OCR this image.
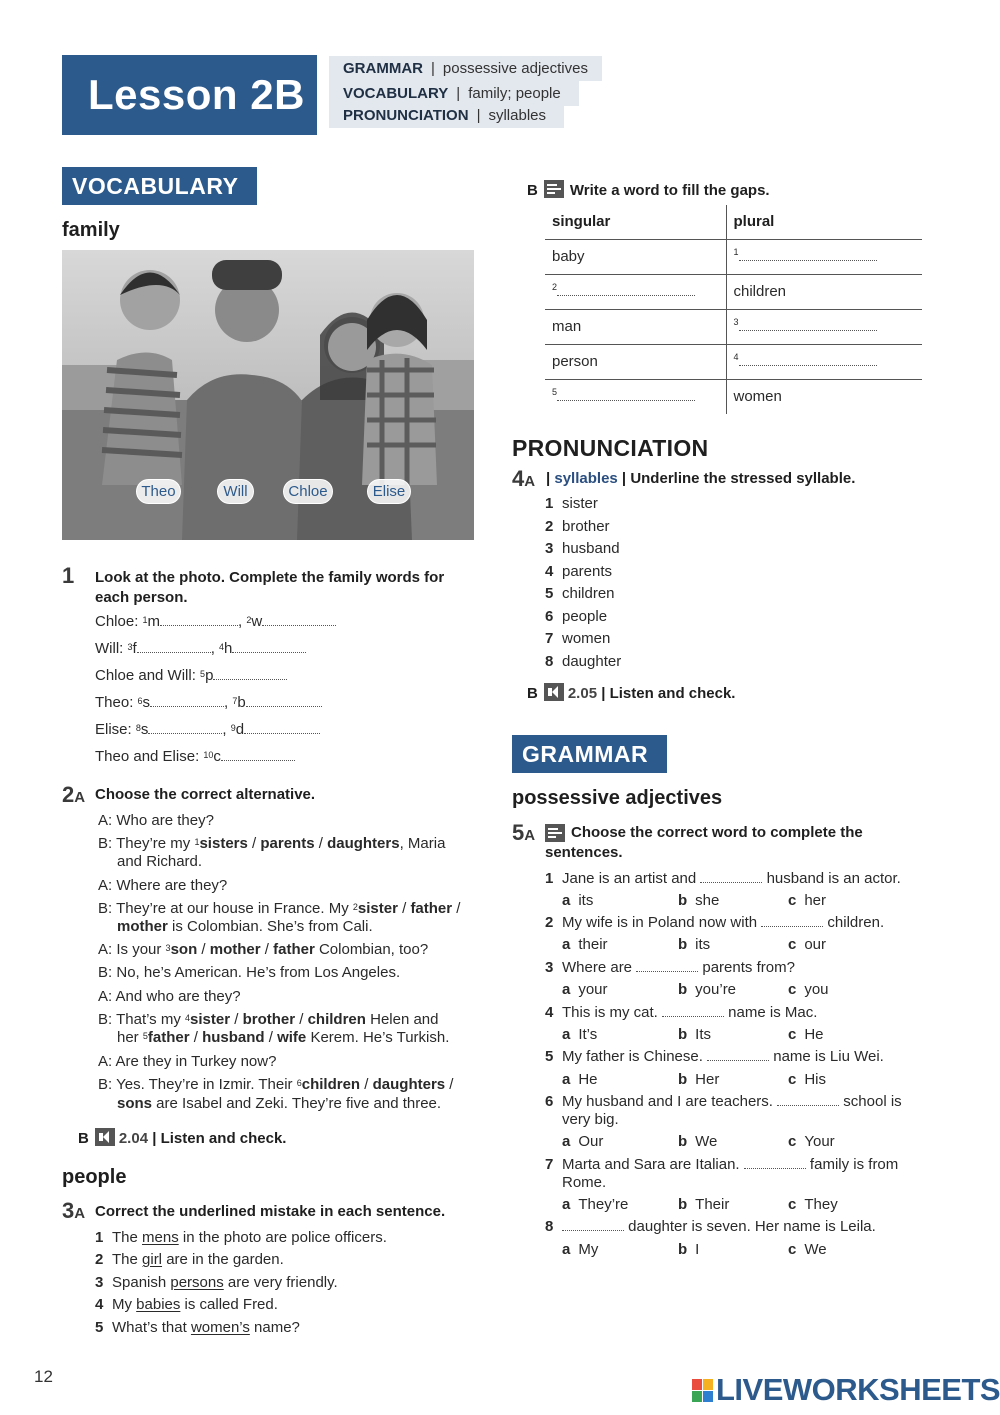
Lesson 2B
GRAMMAR | possessive adjectives
VOCABULARY | family; people
PRONUNCIATION | syllables
VOCABULARY
family
Theo	Will	Chloe	Elise
1 Look at the photo. Complete the family words for each person.
Chloe: $^1$m	, $^2$w
Will: $^3$f	, $^4$h
Chloe and Will: $^5$p
Theo: $^6$s	, $^7$b
Elise: $^8$s	, $^9$d
Theo and Elise: $^{10}$c
2A Choose the correct alternative.
A: Who are they?
B: They’re my $^1$sisters / parents / daughters, Maria
and Richard.
A: Where are they?
B: They’re at our house in France. My $^2$sister / father /
mother is Colombian. She’s from Cali.
A: Is your $^3$son / mother / father Colombian, too?
B: No, he’s American. He’s from Los Angeles.
A: And who are they?
B: That’s my $^4$sister / brother / children Helen and
her $^5$father / husband / wife Kerem. He’s Turkish.
A: Are they in Turkey now?
B: Yes. They’re in Izmir. Their $^6$children / daughters /
sons are Isabel and Zeki. They’re five and three.
B 2.04 | Listen and check.
people
3A Correct the underlined mistake in each sentence.
1 The mens in the photo are police officers.
2 The girl are in the garden.
3 Spanish persons are very friendly.
4 My babies is called Fred.
5 What’s that women’s name?
B Write a word to fill the gaps.
singular	plural
baby	$^1$
$^2$	children
man	$^3$
person	$^4$
$^5$	women
PRONUNCIATION
4A | syllables | Underline the stressed syllable.
1 sister
2 brother
3 husband
4 parents
5 children
6 people
7 women
8 daughter
B 2.05 | Listen and check.
GRAMMAR
possessive adjectives
5A	Choose the correct word to complete the sentences.
1 Jane is an artist and	husband is an actor.
a its	b she	c her
2 My wife is in Poland now with	children.
a their	b its	c our
3 Where are	parents from?
a your	b you’re	c you
4 This is my cat.	name is Mac.
a It’s	b Its	c He
5 My father is Chinese.	name is Liu Wei.
a He	b Her	c His
6 My husband and I are teachers.	school is
very big.
a Our	b We	c Your
7 Marta and Sara are Italian.	family is from
Rome.
a They’re	b Their	c They
8	daughter is seven. Her name is Leila.
a My	b I	c We
12	LIVEWORKSHEETS
